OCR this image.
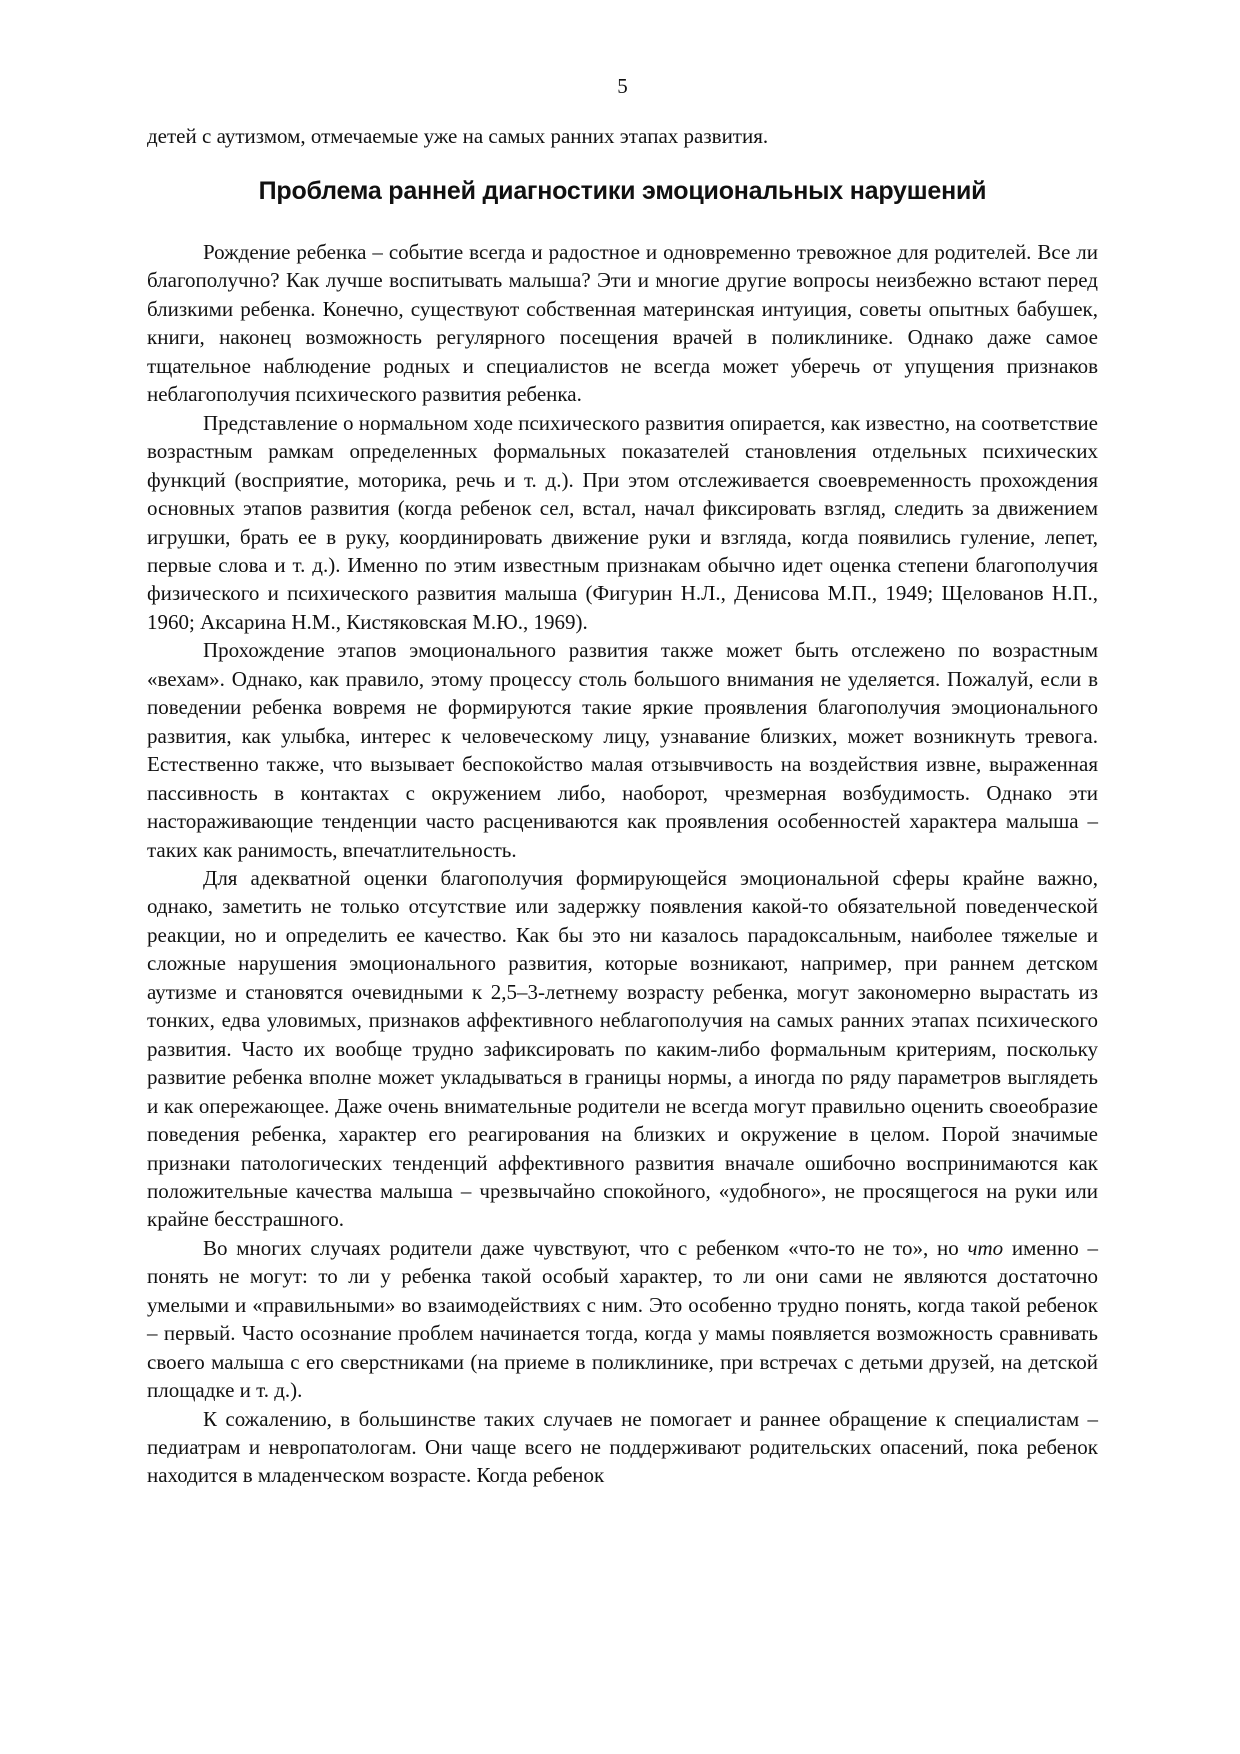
5
детей с аутизмом, отмечаемые уже на самых ранних этапах развития.
Проблема ранней диагностики эмоциональных нарушений

Рождение ребенка – событие всегда и радостное и одновременно тревожное для родителей. Все ли благополучно? Как лучше воспитывать малыша? Эти и многие другие вопросы неизбежно встают перед близкими ребенка. Конечно, существуют собственная материнская интуиция, советы опытных бабушек, книги, наконец возможность регулярного посещения врачей в поликлинике. Однако даже самое тщательное наблюдение родных и специалистов не всегда может уберечь от упущения признаков неблагополучия психического развития ребенка.

Представление о нормальном ходе психического развития опирается, как известно, на соответствие возрастным рамкам определенных формальных показателей становления отдельных психических функций (восприятие, моторика, речь и т. д.). При этом отслеживается своевременность прохождения основных этапов развития (когда ребенок сел, встал, начал фиксировать взгляд, следить за движением игрушки, брать ее в руку, координировать движение руки и взгляда, когда появились гуление, лепет, первые слова и т. д.). Именно по этим известным признакам обычно идет оценка степени благополучия физического и психического развития малыша (Фигурин Н.Л., Денисова М.П., 1949; Щелованов Н.П., 1960; Аксарина Н.М., Кистяковская М.Ю., 1969).

Прохождение этапов эмоционального развития также может быть отслежено по возрастным «вехам». Однако, как правило, этому процессу столь большого внимания не уделяется. Пожалуй, если в поведении ребенка вовремя не формируются такие яркие проявления благополучия эмоционального развития, как улыбка, интерес к человеческому лицу, узнавание близких, может возникнуть тревога. Естественно также, что вызывает беспокойство малая отзывчивость на воздействия извне, выраженная пассивность в контактах с окружением либо, наоборот, чрезмерная возбудимость. Однако эти настораживающие тенденции часто расцениваются как проявления особенностей характера малыша – таких как ранимость, впечатлительность.

Для адекватной оценки благополучия формирующейся эмоциональной сферы крайне важно, однако, заметить не только отсутствие или задержку появления какой-то обязательной поведенческой реакции, но и определить ее качество. Как бы это ни казалось парадоксальным, наиболее тяжелые и сложные нарушения эмоционального развития, которые возникают, например, при раннем детском аутизме и становятся очевидными к 2,5–3-летнему возрасту ребенка, могут закономерно вырастать из тонких, едва уловимых, признаков аффективного неблагополучия на самых ранних этапах психического развития. Часто их вообще трудно зафиксировать по каким-либо формальным критериям, поскольку развитие ребенка вполне может укладываться в границы нормы, а иногда по ряду параметров выглядеть и как опережающее. Даже очень внимательные родители не всегда могут правильно оценить своеобразие поведения ребенка, характер его реагирования на близких и окружение в целом. Порой значимые признаки патологических тенденций аффективного развития вначале ошибочно воспринимаются как положительные качества малыша – чрезвычайно спокойного, «удобного», не просящегося на руки или крайне бесстрашного.

Во многих случаях родители даже чувствуют, что с ребенком «что-то не то», но что именно – понять не могут: то ли у ребенка такой особый характер, то ли они сами не являются достаточно умелыми и «правильными» во взаимодействиях с ним. Это особенно трудно понять, когда такой ребенок – первый. Часто осознание проблем начинается тогда, когда у мамы появляется возможность сравнивать своего малыша с его сверстниками (на приеме в поликлинике, при встречах с детьми друзей, на детской площадке и т. д.).

К сожалению, в большинстве таких случаев не помогает и раннее обращение к специалистам – педиатрам и невропатологам. Они чаще всего не поддерживают родительских опасений, пока ребенок находится в младенческом возрасте. Когда ребенок
